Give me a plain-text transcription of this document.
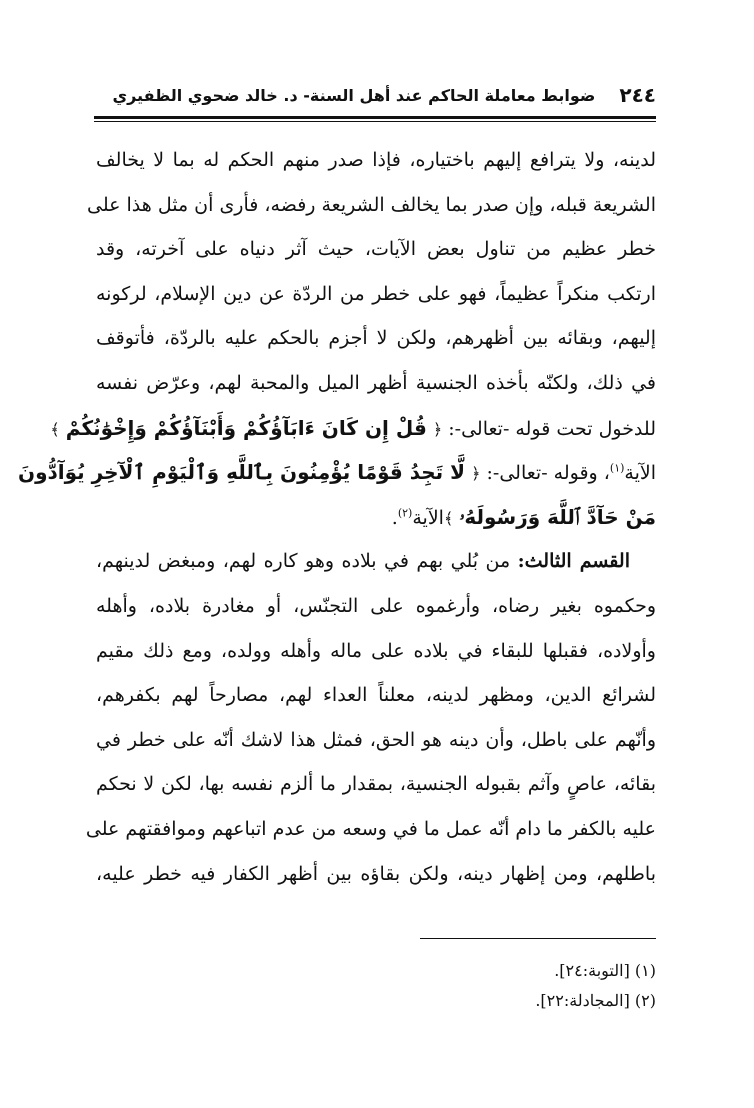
٢٤٤
ضوابط معاملة الحاكم عند أهل السنة- د. خالد ضحوي الظفيري
لدينه، ولا يترافع إليهم باختياره، فإذا صدر منهم الحكم له بما لا يخالف
الشريعة قبله، وإن صدر بما يخالف الشريعة رفضه، فأرى أن مثل هذا على
خطر عظيم من تناول بعض الآيات، حيث آثر دنياه على آخرته، وقد
ارتكب منكراً عظيماً، فهو على خطر من الردّة عن دين الإسلام، لركونه
إليهم، وبقائه بين أظهرهم، ولكن لا أجزم بالحكم عليه بالردّة، فأتوقف
في ذلك، ولكنّه بأخذه الجنسية أظهر الميل والمحبة لهم، وعرّض نفسه
للدخول تحت قوله -تعالى-: ﴿ قُلْ إِن كَانَ ءَابَآؤُكُمْ وَأَبْنَآؤُكُمْ وَإِخْوَٰنُكُمْ ﴾
الآية$^{(١)}$، وقوله -تعالى-: ﴿ لَّا تَجِدُ قَوْمًا يُؤْمِنُونَ بِٱللَّهِ وَٱلْيَوْمِ ٱلْآخِرِ يُوَآدُّونَ
مَنْ حَآدَّ ٱللَّهَ وَرَسُولَهُۥ ﴾الآية$^{(٢)}$.
القسم الثالث: من بُلي بهم في بلاده وهو كاره لهم، ومبغض لدينهم،
وحكموه بغير رضاه، وأرغموه على التجنّس، أو مغادرة بلاده، وأهله
وأولاده، فقبلها للبقاء في بلاده على ماله وأهله وولده، ومع ذلك مقيم
لشرائع الدين، ومظهر لدينه، معلناً العداء لهم، مصارحاً لهم بكفرهم،
وأنّهم على باطل، وأن دينه هو الحق، فمثل هذا لاشك أنّه على خطر في
بقائه، عاصٍ وآثم بقبوله الجنسية، بمقدار ما ألزم نفسه بها، لكن لا نحكم
عليه بالكفر ما دام أنّه عمل ما في وسعه من عدم اتباعهم وموافقتهم على
باطلهم، ومن إظهار دينه، ولكن بقاؤه بين أظهر الكفار فيه خطر عليه،
(١) [التوبة:٢٤].
(٢) [المجادلة:٢٢].
